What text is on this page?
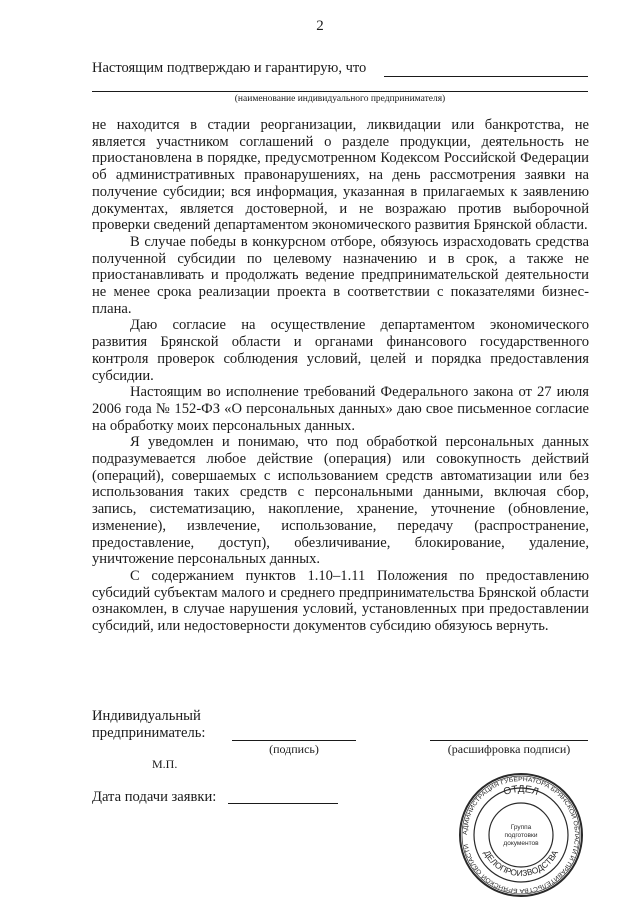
2
Настоящим подтверждаю и гарантирую, что
(наименование индивидуального предпринимателя)

не находится в стадии реорганизации, ликвидации или банкротства, не является участником соглашений о разделе продукции, деятельность не приостановлена в порядке, предусмотренном Кодексом Российской Федерации об административных правонарушениях, на день рассмотрения заявки на получение субсидии; вся информация, указанная в прилагаемых к заявлению документах, является достоверной, и не возражаю против выборочной проверки сведений департаментом экономического развития Брянской области.

В случае победы в конкурсном отборе, обязуюсь израсходовать средства полученной субсидии по целевому назначению и в срок, а также не приостанавливать и продолжать ведение предпринимательской деятельности не менее срока реализации проекта в соответствии с показателями бизнес-плана.

Даю согласие на осуществление департаментом экономического развития Брянской области и органами финансового государственного контроля проверок соблюдения условий, целей и порядка предоставления субсидии.

Настоящим во исполнение требований Федерального закона от 27 июля 2006 года № 152-ФЗ «О персональных данных» даю свое письменное согласие на обработку моих персональных данных.

Я уведомлен и понимаю, что под обработкой персональных данных подразумевается любое действие (операция) или совокупность действий (операций), совершаемых с использованием средств автоматизации или без использования таких средств с персональными данными, включая сбор, запись, систематизацию, накопление, хранение, уточнение (обновление, изменение), извлечение, использование, передачу (распространение, предоставление, доступ), обезличивание, блокирование, удаление, уничтожение персональных данных.

С содержанием пунктов 1.10–1.11 Положения по предоставлению субсидий субъектам малого и среднего предпринимательства Брянской области ознакомлен, в случае нарушения условий, установленных при предоставлении субсидий, или недостоверности документов субсидию обязуюсь вернуть.

Индивидуальный
предприниматель:
(подпись)	(расшифровка подписи)
М.П.
Дата подачи заявки:
АДМИНИСТРАЦИЯ ГУБЕРНАТОРА БРЯНСКОЙ ОБЛАСТИ И ПРАВИТЕЛЬСТВА БРЯНСКОЙ ОБЛАСТИ
ОТДЕЛ
ДЕЛОПРОИЗВОДСТВА
Группа
подготовки
документов
